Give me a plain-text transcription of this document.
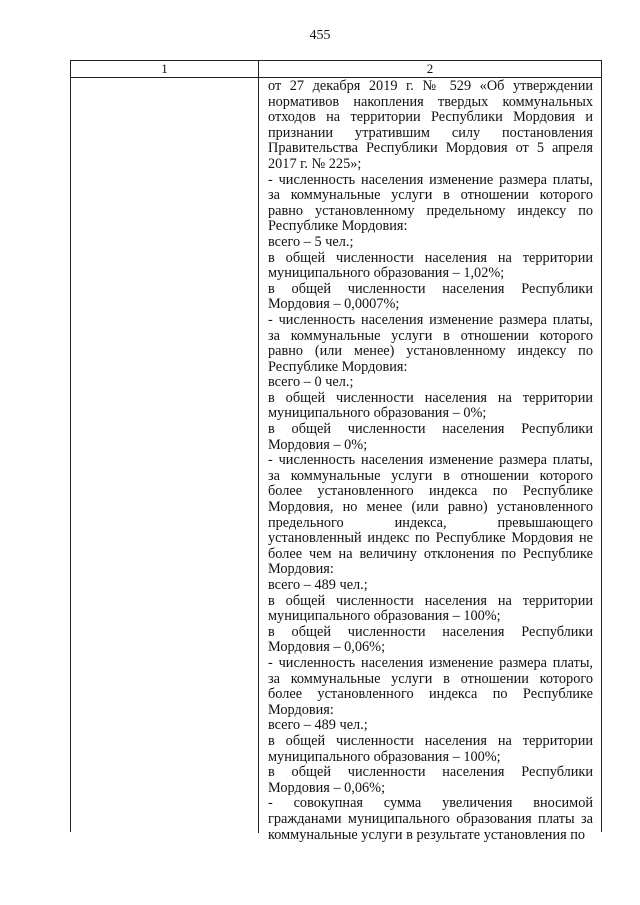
455
1	2

от 27 декабря 2019 г. № 529 «Об утверждении нормативов накопления твердых коммунальных отходов на территории Республики Мордовия и признании утратившим силу постановления Правительства Республики Мордовия от 5 апреля 2017 г. № 225»;

- численность населения изменение размера платы, за коммунальные услуги в отношении которого равно установленному предельному индексу по Республике Мордовия:

всего – 5 чел.;

в общей численности населения на территории муниципального образования – 1,02%;

в общей численности населения Республики Мордовия – 0,0007%;

- численность населения изменение размера платы, за коммунальные услуги в отношении которого равно (или менее) установленному индексу по Республике Мордовия:

всего – 0 чел.;

в общей численности населения на территории муниципального образования – 0%;

в общей численности населения Республики Мордовия – 0%;

- численность населения изменение размера платы, за коммунальные услуги в отношении которого более установленного индекса по Республике Мордовия, но менее (или равно) установленного предельного индекса, превышающего установленный индекс по Республике Мордовия не более чем на величину отклонения по Республике Мордовия:

всего – 489 чел.;

в общей численности населения на территории муниципального образования – 100%;

в общей численности населения Республики Мордовия – 0,06%;

- численность населения изменение размера платы, за коммунальные услуги в отношении которого более установленного индекса по Республике Мордовия:

всего – 489 чел.;

в общей численности населения на территории муниципального образования – 100%;

в общей численности населения Республики Мордовия – 0,06%;

- совокупная сумма увеличения вносимой гражданами муниципального образования платы за коммунальные услуги в результате установления по
